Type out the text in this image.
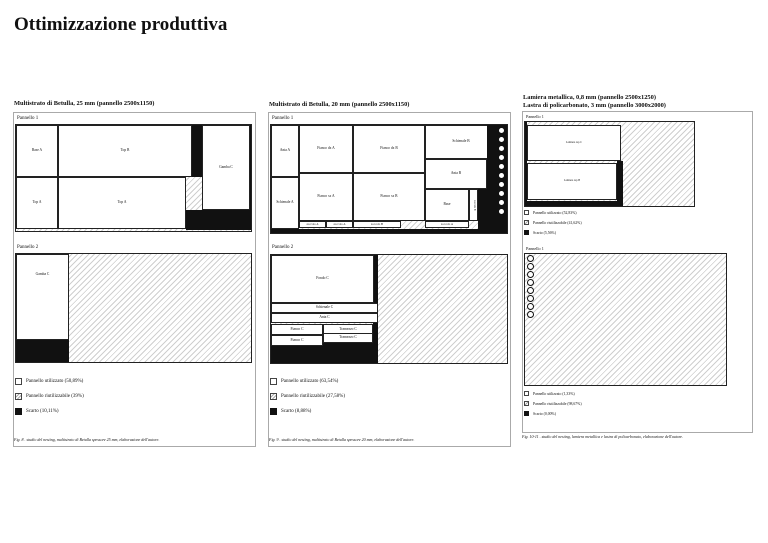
Ottimizzazione produttiva
Multistrato di Betulla, 25 mm (pannello 2500x1150)
Pannello 1
Base A	Top B
Gamba C
Top A	Top A
Pannello 2
Gamba C
Pannello utilizzato (50,89%)
Pannello riutilizzabile (39%)
Scarto (10,11%)
Fig. 8 . studio del nesting, multistrato di Betulla spessore 25 mm, elaborazione dell'autore.
Multistrato di Betulla, 20 mm (pannello 2500x1150)
Pannello 1
Anta A	Fianco dx A	Fianco dx B
Schienale B
Schienale A
Fianco sx A	Fianco sx B
Anta B
Base	zoccolo B
zoccolo A	zoccolo A	zoccolo B	zoccolo A
Pannello 2
Fondo C
Schienale C
Anta C
Fianco C	Tramezzo C
Fianco C
Tramezzo C
Pannello utilizzato (63,54%)
Pannello riutilizzabile (27,58%)
Scarto (8,88%)
Fig. 9 . studio del nesting, multistrato di Betulla spessore 20 mm, elaborazione dell'autore.
Lamiera metallica, 0,8 mm (pannello 2500x1250)
Lastra di policarbonato, 3 mm (pannello 3000x2000)
Pannello 1
Lamiera top C
Lamiera top B
Pannello utilizzato (52,83%)
Pannello riutilizzabile (41,62%)
Scarto (5,56%)
Pannello 1
Pannello utilizzato (1,33%)
Pannello riutilizzabile (98,67%)
Scarto (0,00%)
Fig. 10-11 . studio del nesting, lamiera metallica e lastra di policarbonato, elaborazione dell'autore.
